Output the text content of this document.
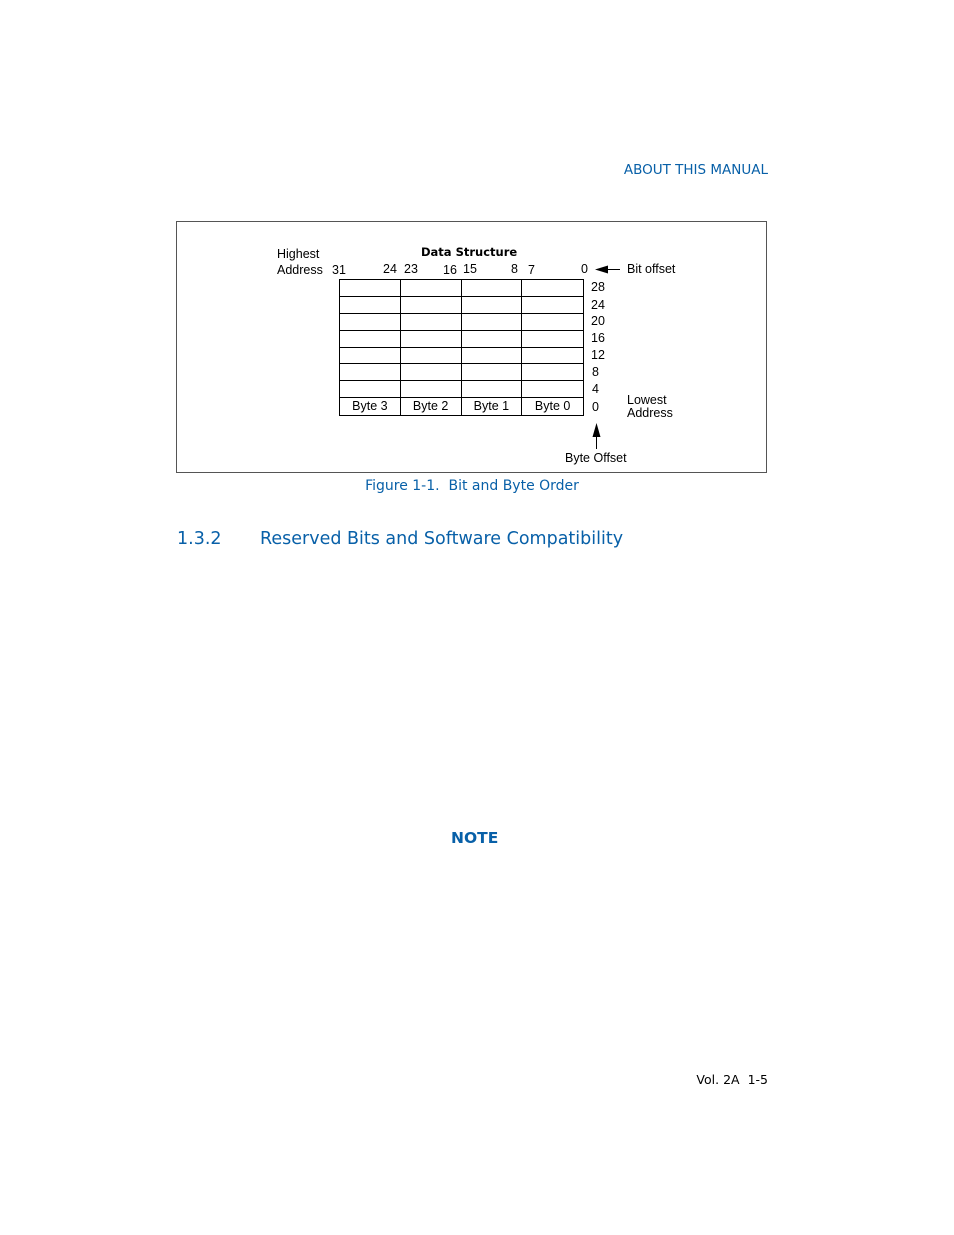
ABOUT THIS MANUAL
Highest
Address
Data Structure
31	24 23 16 15	8 7	0	Bit offset
Byte 3	Byte 2	Byte 1	Byte 0
28
24
20
16
12
8
4
0 Lowest
Address
Byte Offset
Figure 1-1.  Bit and Byte Order
1.3.2 Reserved Bits and Software Compatibility
NOTE
Vol. 2A 1-5
